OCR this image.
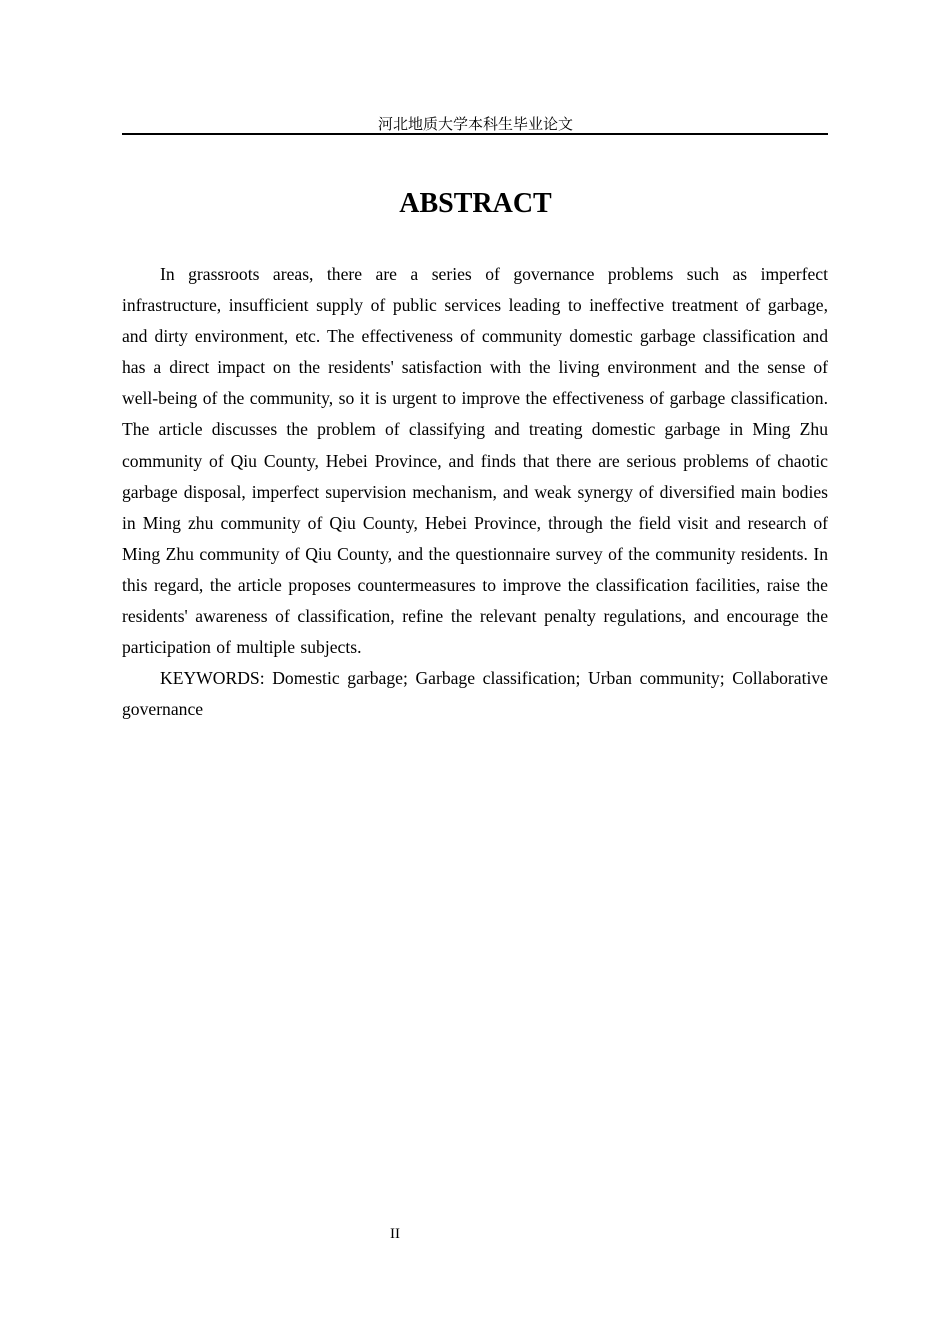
河北地质大学本科生毕业论文
ABSTRACT

In grassroots areas, there are a series of governance problems such as imperfect infrastructure, insufficient supply of public services leading to ineffective treatment of garbage, and dirty environment, etc. The effectiveness of community domestic garbage classification and has a direct impact on the residents' satisfaction with the living environment and the sense of well-being of the community, so it is urgent to improve the effectiveness of garbage classification. The article discusses the problem of classifying and treating domestic garbage in Ming Zhu community of Qiu County, Hebei Province, and finds that there are serious problems of chaotic garbage disposal, imperfect supervision mechanism, and weak synergy of diversified main bodies in Ming zhu community of Qiu County, Hebei Province, through the field visit and research of Ming Zhu community of Qiu County, and the questionnaire survey of the community residents. In this regard, the article proposes countermeasures to improve the classification facilities, raise the residents' awareness of classification, refine the relevant penalty regulations, and encourage the participation of multiple subjects.

KEYWORDS: Domestic garbage; Garbage classification; Urban community; Collaborative governance

II
